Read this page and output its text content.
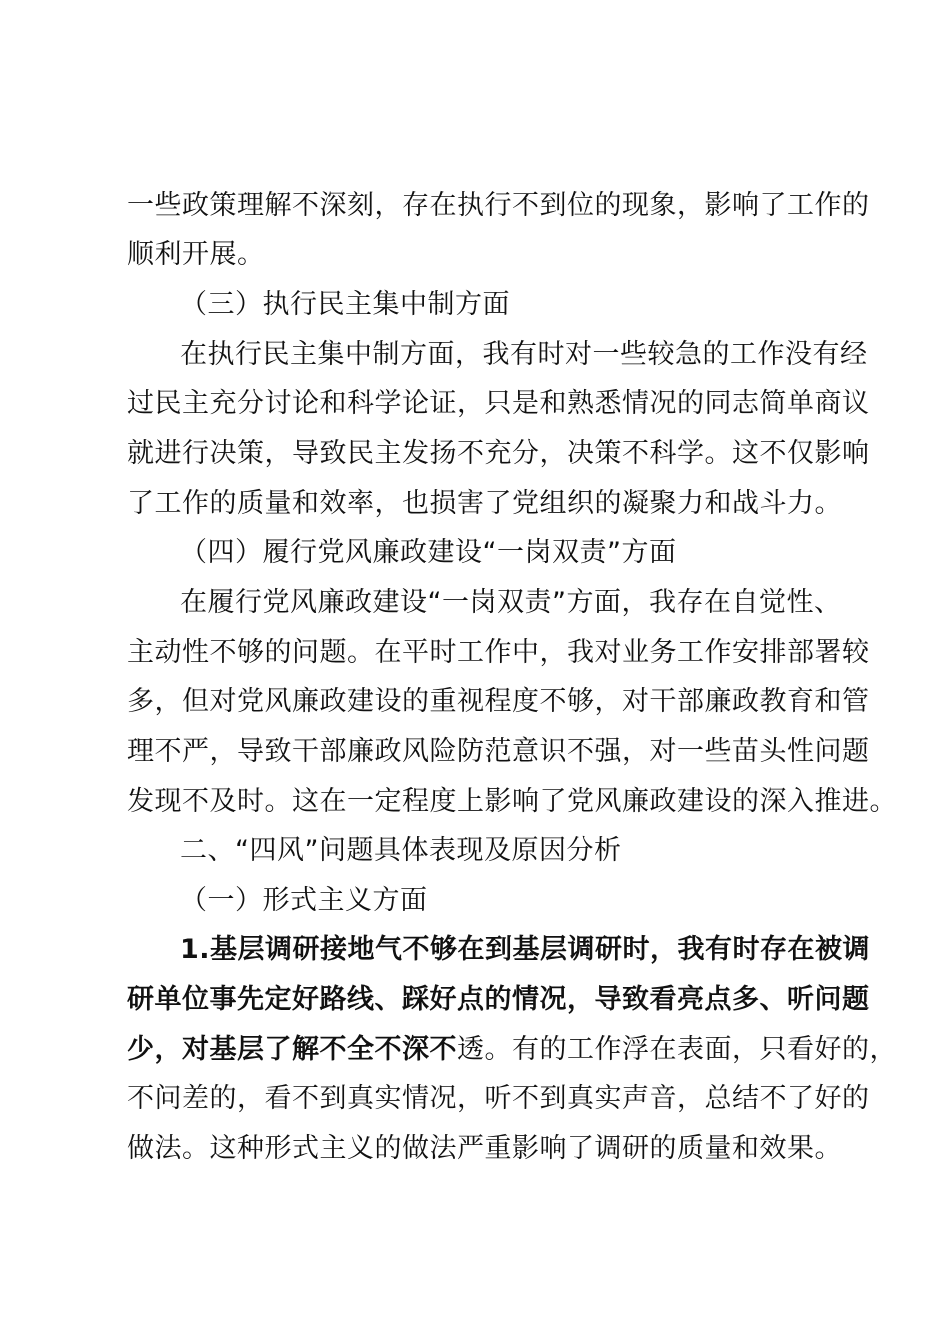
一些政策理解不深刻，存在执行不到位的现象，影响了工作的
顺利开展。
（三）执行民主集中制方面
在执行民主集中制方面，我有时对一些较急的工作没有经
过民主充分讨论和科学论证，只是和熟悉情况的同志简单商议
就进行决策，导致民主发扬不充分，决策不科学。这不仅影响
了工作的质量和效率，也损害了党组织的凝聚力和战斗力。
（四）履行党风廉政建设“一岗双责”方面
在履行党风廉政建设“一岗双责”方面，我存在自觉性、
主动性不够的问题。在平时工作中，我对业务工作安排部署较
多，但对党风廉政建设的重视程度不够，对干部廉政教育和管
理不严，导致干部廉政风险防范意识不强，对一些苗头性问题
发现不及时。这在一定程度上影响了党风廉政建设的深入推进。
二、“四风”问题具体表现及原因分析
（一）形式主义方面
1.基层调研接地气不够在到基层调研时，我有时存在被调
研单位事先定好路线、踩好点的情况，导致看亮点多、听问题
少，对基层了解不全不深不透。有的工作浮在表面，只看好的，
不问差的，看不到真实情况，听不到真实声音，总结不了好的
做法。这种形式主义的做法严重影响了调研的质量和效果。
